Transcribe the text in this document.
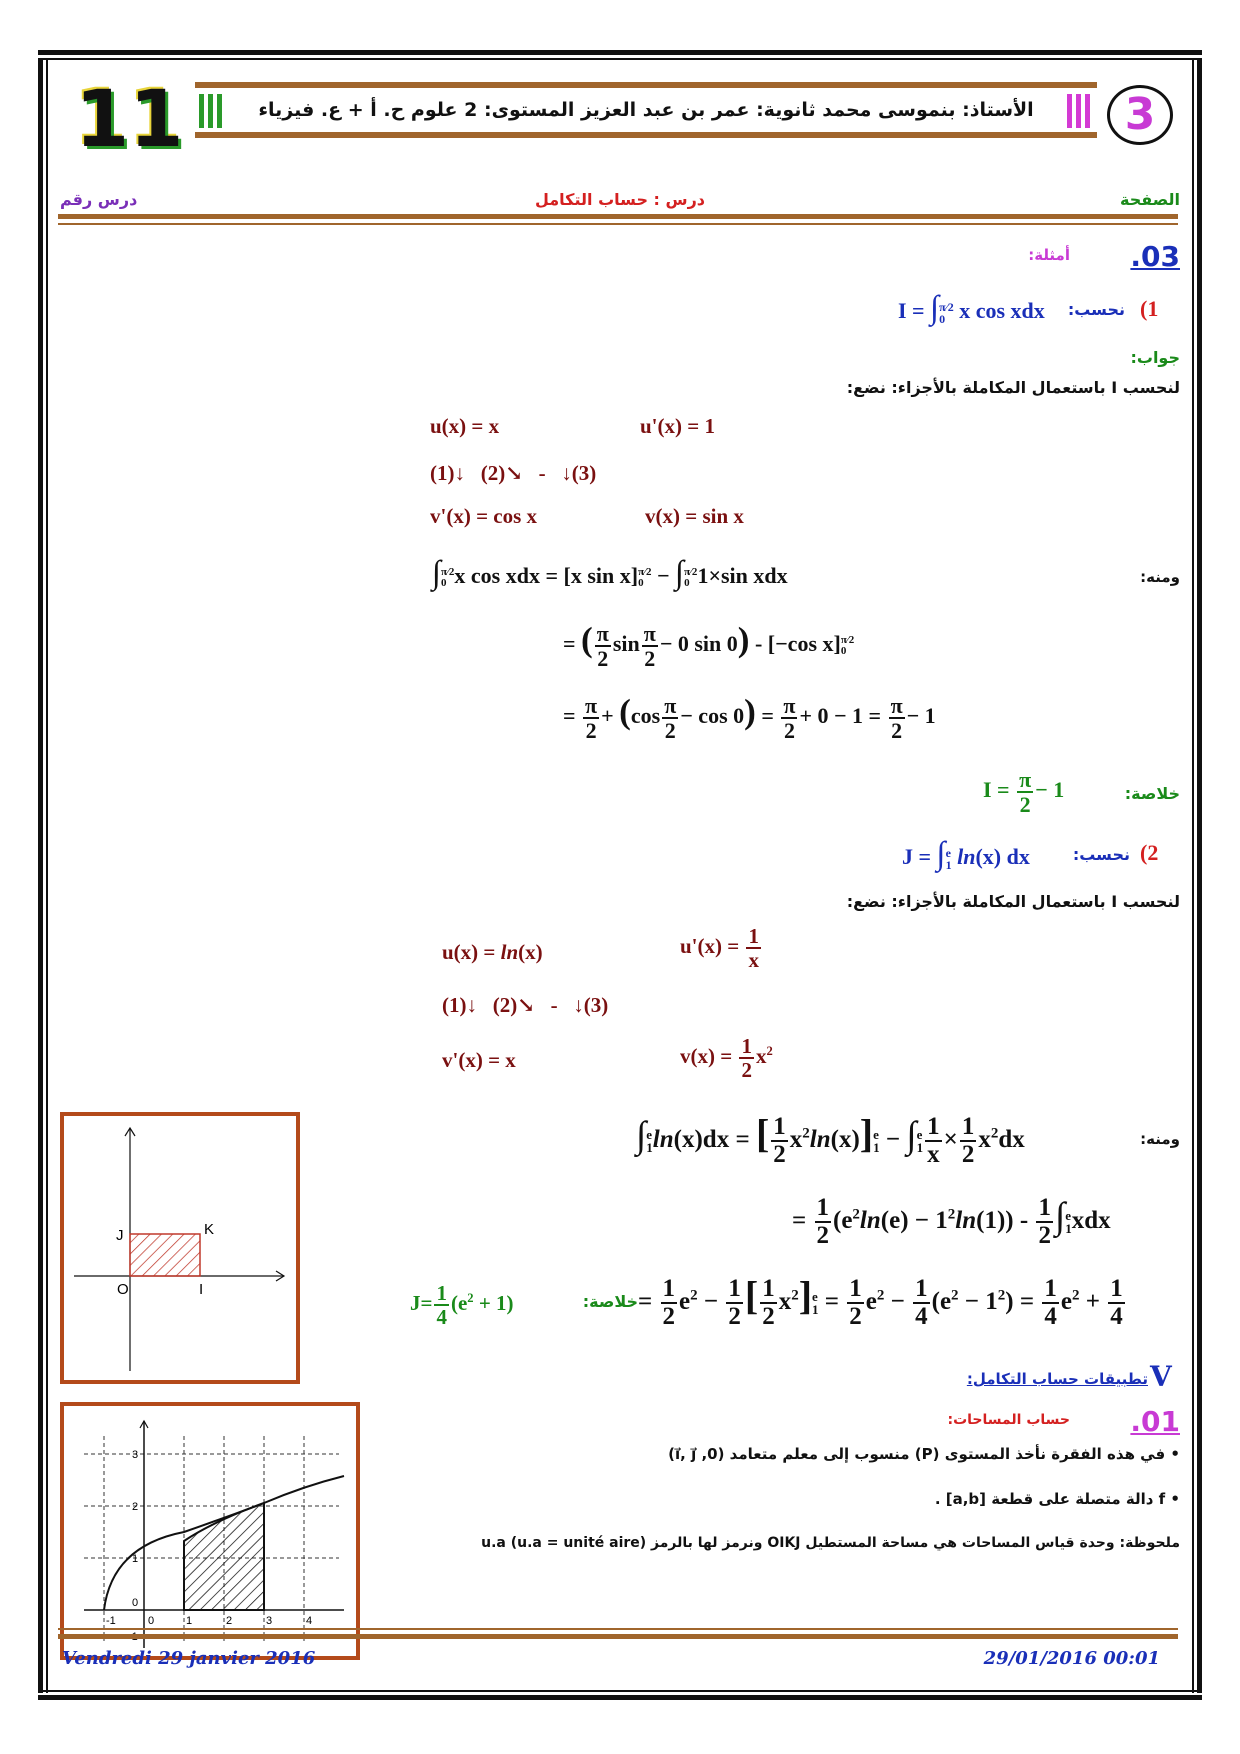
11	الأستاذ: بنموسى محمد ثانوية: عمر بن عبد العزيز المستوى: 2 علوم ح. أ + ع. فيزياء	3
الصفحة
درس : حساب التكامل
درس رقم
.03
أمثلة:
1)
نحسب:
I = ∫ π⁄2
0 x cos xdx
جواب:
لنحسب I باستعمال المكاملة بالأجزاء: نضع:
u(x) = x	u'(x) = 1
(1)↓   (2)↘   -   ↓(3)
v'(x) = cos x	v(x) = sin x
ومنه:
∫ π⁄2
0 x cos xdx = [x sin x] π⁄2
0 − ∫ π⁄2
0 1×sin xdx
= ( $\frac{\pi}{2}$ $\sin \frac{\pi}{2} - 0$ sin 0) - [−cos x] π⁄2
0
= $\frac{\pi}{2} + (\cos \frac{\pi}{2} - \cos 0) = \frac{\pi}{2} + 0 - 1 = \frac{\pi}{2} - 1$
خلاصة:
$I = \frac{\pi}{2} - 1$
2)
نحسب:
J = ∫ e
1 ln(x) dx
لنحسب I باستعمال المكاملة بالأجزاء: نضع:
u(x) = ln(x)	$u'(x) = \frac{1}{x}$
(1)↓   (2)↘   -   ↓(3)
v'(x) = x	$v(x) = \frac{1}{2} x^2$
ومنه:
∫ e
1 ln(x)dx = [ $\frac{1}{2} x^2\ln(x)$] e
1 − ∫ e
$1 \frac{1}{x} \times \frac{1}{2} x^2dx$
= $\frac{1}{2} (e^2\ln(e) - 1^2\ln(1)) - \frac{1}{2}$ ∫ e
1 xdx
خلاصة: = $\frac{1}{2} e^2 - \frac{1}{2}$ [ $\frac{1}{2} x^2$] e
$1 = \frac{1}{2} e^2 - \frac{1}{4} (e^2 - 1^2) = \frac{1}{4} e^2 + \frac{1}{4}$
$J= \frac{1}{4} (e^2 + 1)$
V
تطبيقات حساب التكامل:
.01
حساب المساحات:
• في هذه الفقرة نأخذ المستوى (P) منسوب إلى معلم متعامد (0, i⃗, j⃗)
• f دالة متصلة على قطعة [a,b] .
ملحوظة: وحدة قياس المساحات هي مساحة المستطيل OIKJ ونرمز لها بالرمز (u.a = unité aire) u.a
J	K
O	I
-1	0	1	2	3	4
0
1
2
3
Vendredi 29 janvier 2016	29/01/2016 00:01
